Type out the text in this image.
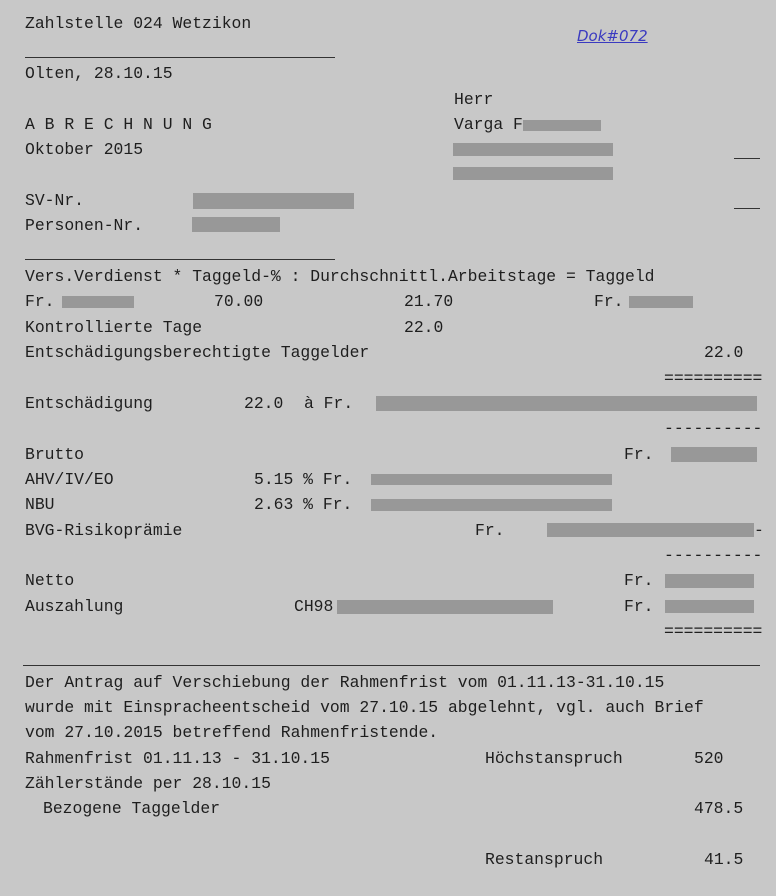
Zahlstelle 024 Wetzikon
Dok#072
Olten, 28.10.15
Herr
A B R E C H N U N G	Varga F
Oktober 2015
SV-Nr.
Personen-Nr.
Vers.Verdienst * Taggeld-% : Durchschnittl.Arbeitstage = Taggeld
Fr.	70.00	21.70	Fr.
Kontrollierte Tage	22.0
Entschädigungsberechtigte Taggelder	22.0
==========
Entschädigung	22.0 à Fr.
----------
Brutto	Fr.
AHV/IV/EO	5.15 % Fr.
NBU	2.63 % Fr.
BVG-Risikoprämie	Fr.	-
----------
Netto	Fr.
Auszahlung	CH98	Fr.
==========
Der Antrag auf Verschiebung der Rahmenfrist vom 01.11.13-31.10.15
wurde mit Einspracheentscheid vom 27.10.15 abgelehnt, vgl. auch Brief
vom 27.10.2015 betreffend Rahmenfristende.
Rahmenfrist 01.11.13 - 31.10.15	Höchstanspruch	520
Zählerstände per 28.10.15
Bezogene Taggelder	478.5
Restanspruch	41.5
